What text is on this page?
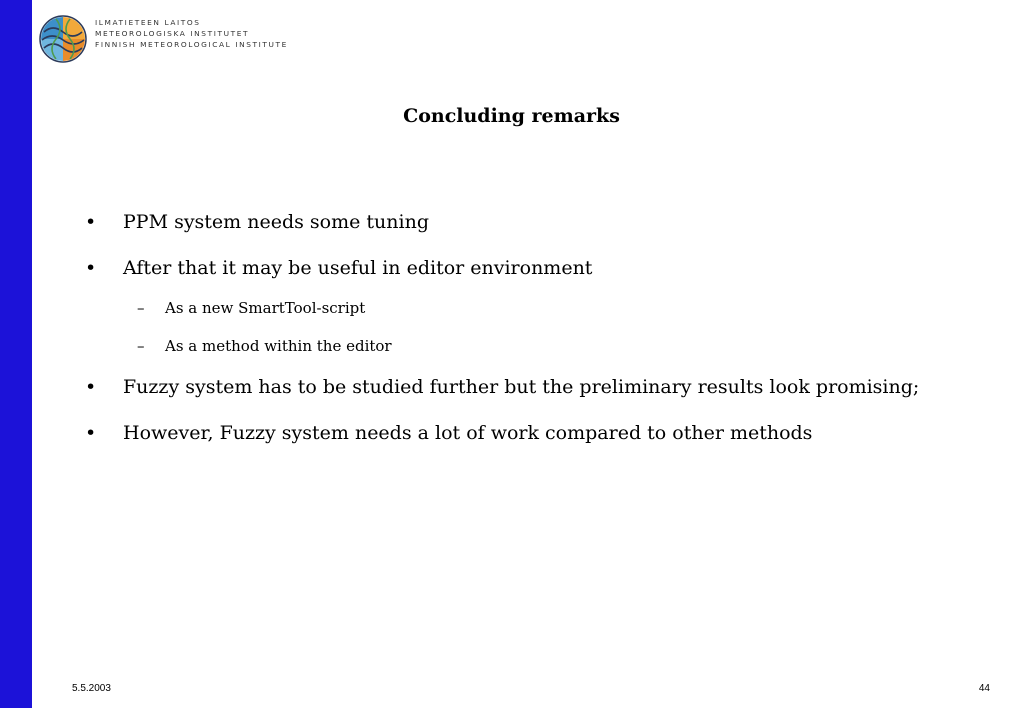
ILMATIETEEN LAITOS
METEOROLOGISKA INSTITUTET
FINNISH METEOROLOGICAL INSTITUTE
Concluding remarks
• PPM system needs some tuning
• After that it may be useful in editor environment
– As a new SmartTool-script
– As a method within the editor
• Fuzzy system has to be studied further but the preliminary results look promising;
• However, Fuzzy system needs a lot of work compared to other methods
5.5.2003	44
